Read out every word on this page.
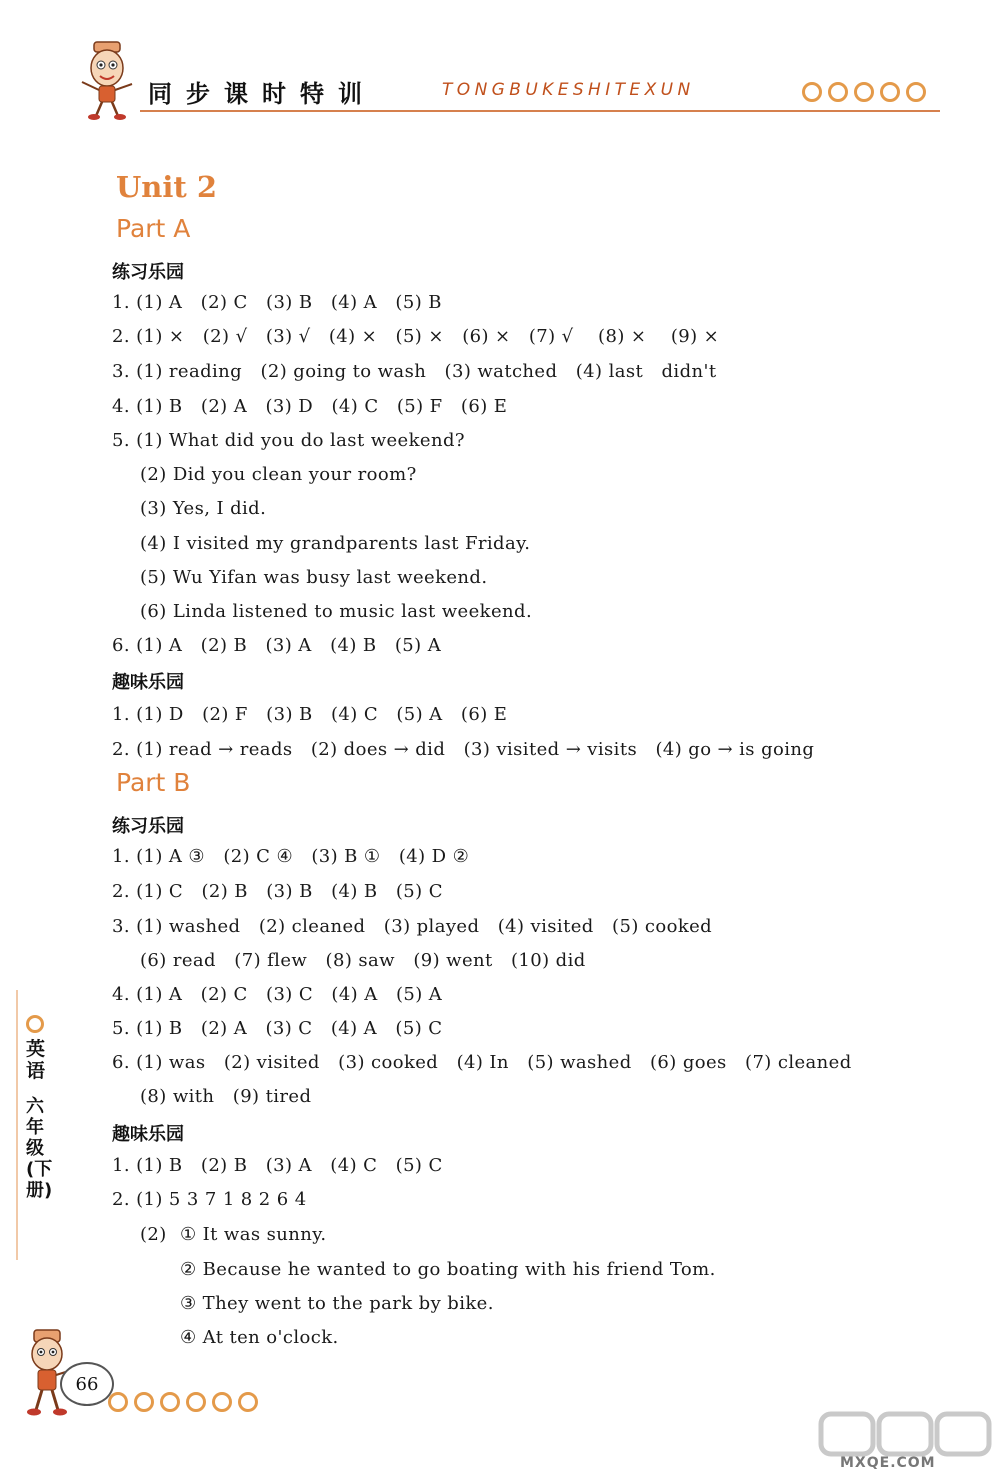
同步课时特训	TONGBUKESHITEXUN
Unit 2
Part A
练习乐园
1. (1) A   (2) C   (3) B   (4) A   (5) B
2. (1) ×   (2) √   (3) √   (4) ×   (5) ×   (6) ×   (7) √    (8) ×    (9) ×
3. (1) reading   (2) going to wash   (3) watched   (4) last   didn't
4. (1) B   (2) A   (3) D   (4) C   (5) F   (6) E
5. (1) What did you do last weekend?
(2) Did you clean your room?
(3) Yes, I did.
(4) I visited my grandparents last Friday.
(5) Wu Yifan was busy last weekend.
(6) Linda listened to music last weekend.
6. (1) A   (2) B   (3) A   (4) B   (5) A
趣味乐园
1. (1) D   (2) F   (3) B   (4) C   (5) A   (6) E
2. (1) read → reads   (2) does → did   (3) visited → visits   (4) go → is going
Part B
练习乐园
1. (1) A ③   (2) C ④   (3) B ①   (4) D ②
2. (1) C   (2) B   (3) B   (4) B   (5) C
3. (1) washed   (2) cleaned   (3) played   (4) visited   (5) cooked
(6) read   (7) flew   (8) saw   (9) went   (10) did
4. (1) A   (2) C   (3) C   (4) A   (5) A
5. (1) B   (2) A   (3) C   (4) A   (5) C
6. (1) was   (2) visited   (3) cooked   (4) In   (5) washed   (6) goes   (7) cleaned
(8) with   (9) tired
趣味乐园
1. (1) B   (2) B   (3) A   (4) C   (5) C
2. (1) 5 3 7 1 8 2 6 4
(2) ① It was sunny.
② Because he wanted to go boating with his friend Tom.
③ They went to the park by bike.
④ At ten o'clock.
英语
六年级(下册)
66
MXQE.COM
